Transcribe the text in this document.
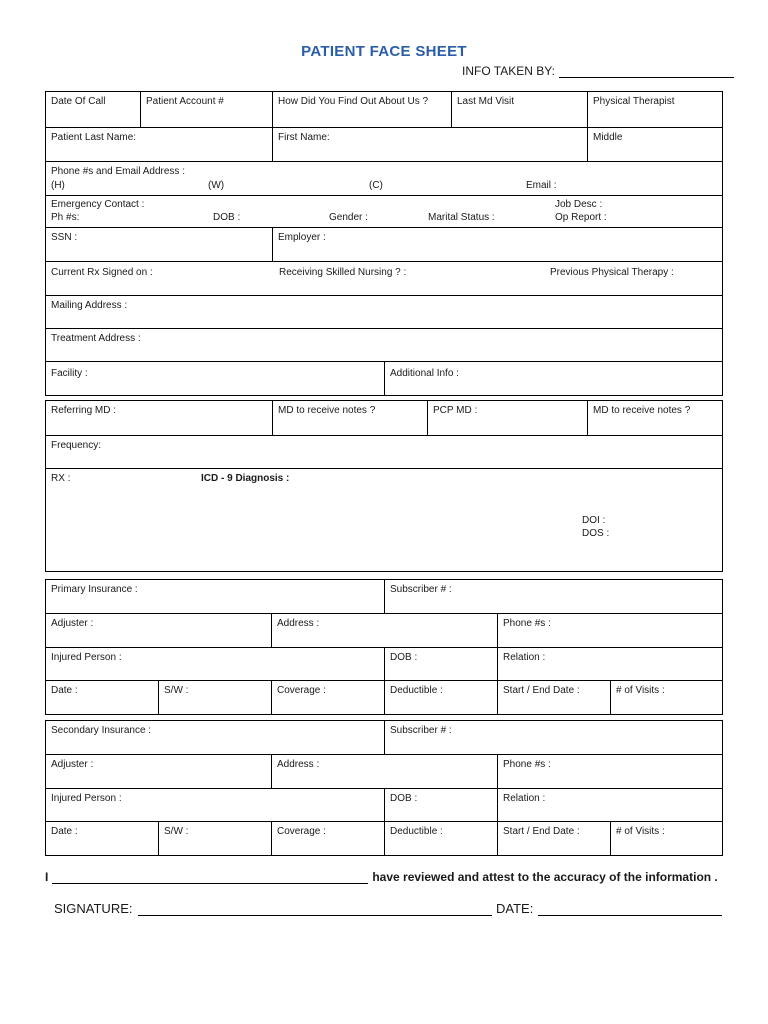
PATIENT FACE SHEET
INFO TAKEN BY:
Date Of Call	Patient Account #	How Did You Find Out About Us ?	Last Md Visit	Physical Therapist
Patient Last Name:	First Name:	Middle
Phone #s and Email Address :
(H)	(W)	(C)	Email :
Emergency Contact :
Ph #s:	DOB :	Gender :	Marital Status :
Job Desc :
Op Report :
SSN :	Employer :
Current Rx Signed on :	Receiving Skilled Nursing ? :	Previous Physical Therapy :
Mailing Address :
Treatment Address :
Facility :	Additional Info :
Referring MD :	MD to receive notes ?	PCP MD :	MD to receive notes ?
Frequency:
RX :	ICD - 9 Diagnosis :
DOI :
DOS :
Primary Insurance :	Subscriber # :
Adjuster :	Address :	Phone #s :
Injured Person :	DOB :	Relation :
Date :	S/W :	Coverage :	Deductible :	Start / End Date :	# of Visits :
Secondary Insurance :	Subscriber # :
Adjuster :	Address :	Phone #s :
Injured Person :	DOB :	Relation :
Date :	S/W :	Coverage :	Deductible :	Start / End Date :	# of Visits :
I	have reviewed and attest to the accuracy of the information .
SIGNATURE:	DATE:
